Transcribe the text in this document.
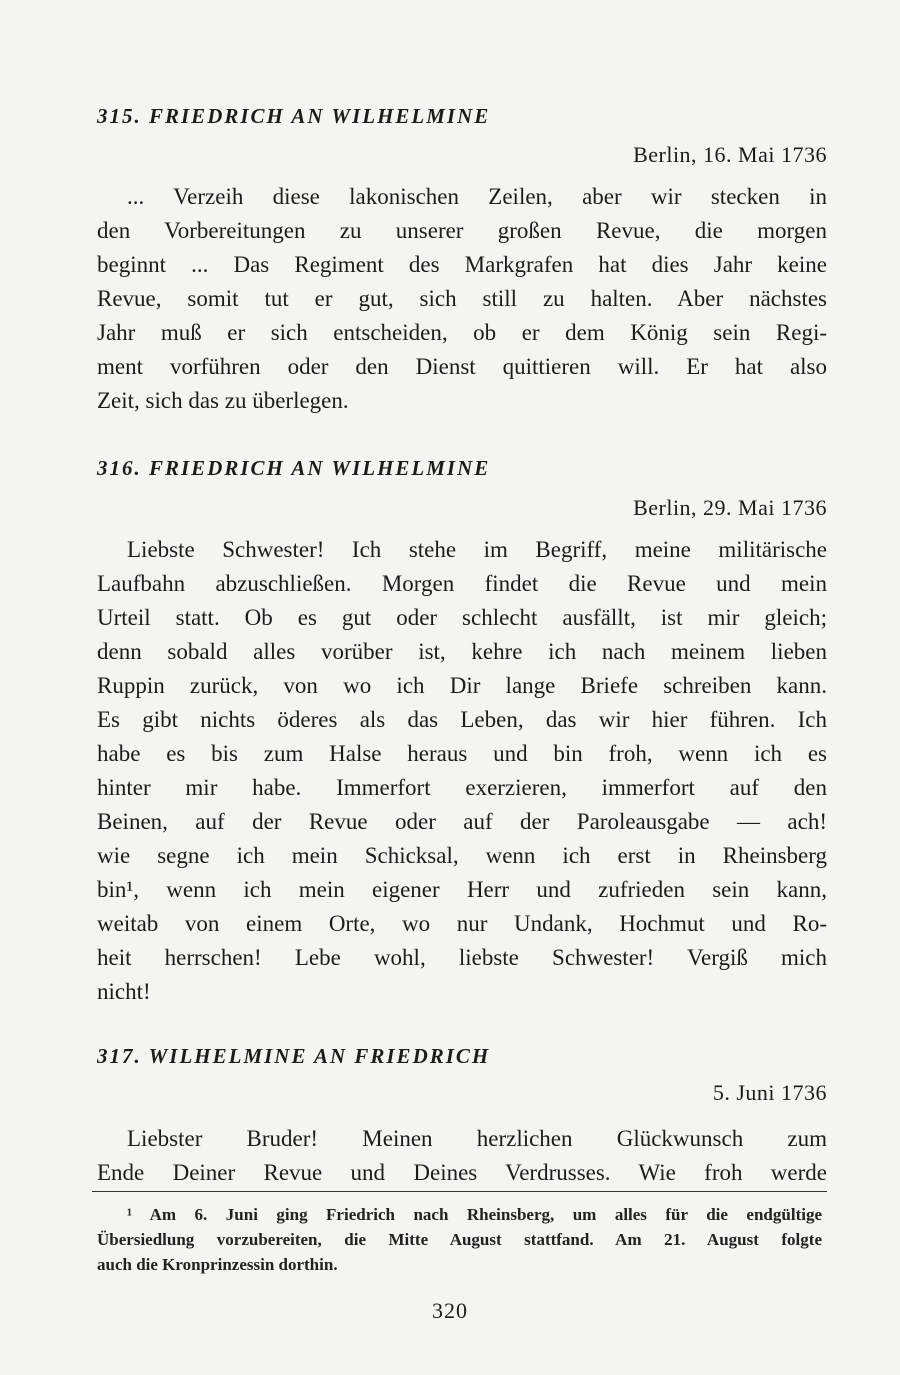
315. FRIEDRICH AN WILHELMINE
Berlin, 16. Mai 1736
... Verzeih diese lakonischen Zeilen, aber wir stecken in
den Vorbereitungen zu unserer großen Revue, die morgen
beginnt ... Das Regiment des Markgrafen hat dies Jahr keine
Revue, somit tut er gut, sich still zu halten. Aber nächstes
Jahr muß er sich entscheiden, ob er dem König sein Regi-
ment vorführen oder den Dienst quittieren will. Er hat also
Zeit, sich das zu überlegen.
316. FRIEDRICH AN WILHELMINE
Berlin, 29. Mai 1736
Liebste Schwester! Ich stehe im Begriff, meine militärische
Laufbahn abzuschließen. Morgen findet die Revue und mein
Urteil statt. Ob es gut oder schlecht ausfällt, ist mir gleich;
denn sobald alles vorüber ist, kehre ich nach meinem lieben
Ruppin zurück, von wo ich Dir lange Briefe schreiben kann.
Es gibt nichts öderes als das Leben, das wir hier führen. Ich
habe es bis zum Halse heraus und bin froh, wenn ich es
hinter mir habe. Immerfort exerzieren, immerfort auf den
Beinen, auf der Revue oder auf der Paroleausgabe — ach!
wie segne ich mein Schicksal, wenn ich erst in Rheinsberg
bin¹, wenn ich mein eigener Herr und zufrieden sein kann,
weitab von einem Orte, wo nur Undank, Hochmut und Ro-
heit herrschen! Lebe wohl, liebste Schwester! Vergiß mich
nicht!
317. WILHELMINE AN FRIEDRICH
5. Juni 1736
Liebster Bruder! Meinen herzlichen Glückwunsch zum
Ende Deiner Revue und Deines Verdrusses. Wie froh werde
¹ Am 6. Juni ging Friedrich nach Rheinsberg, um alles für die endgültige
Übersiedlung vorzubereiten, die Mitte August stattfand. Am 21. August folgte
auch die Kronprinzessin dorthin.
320
